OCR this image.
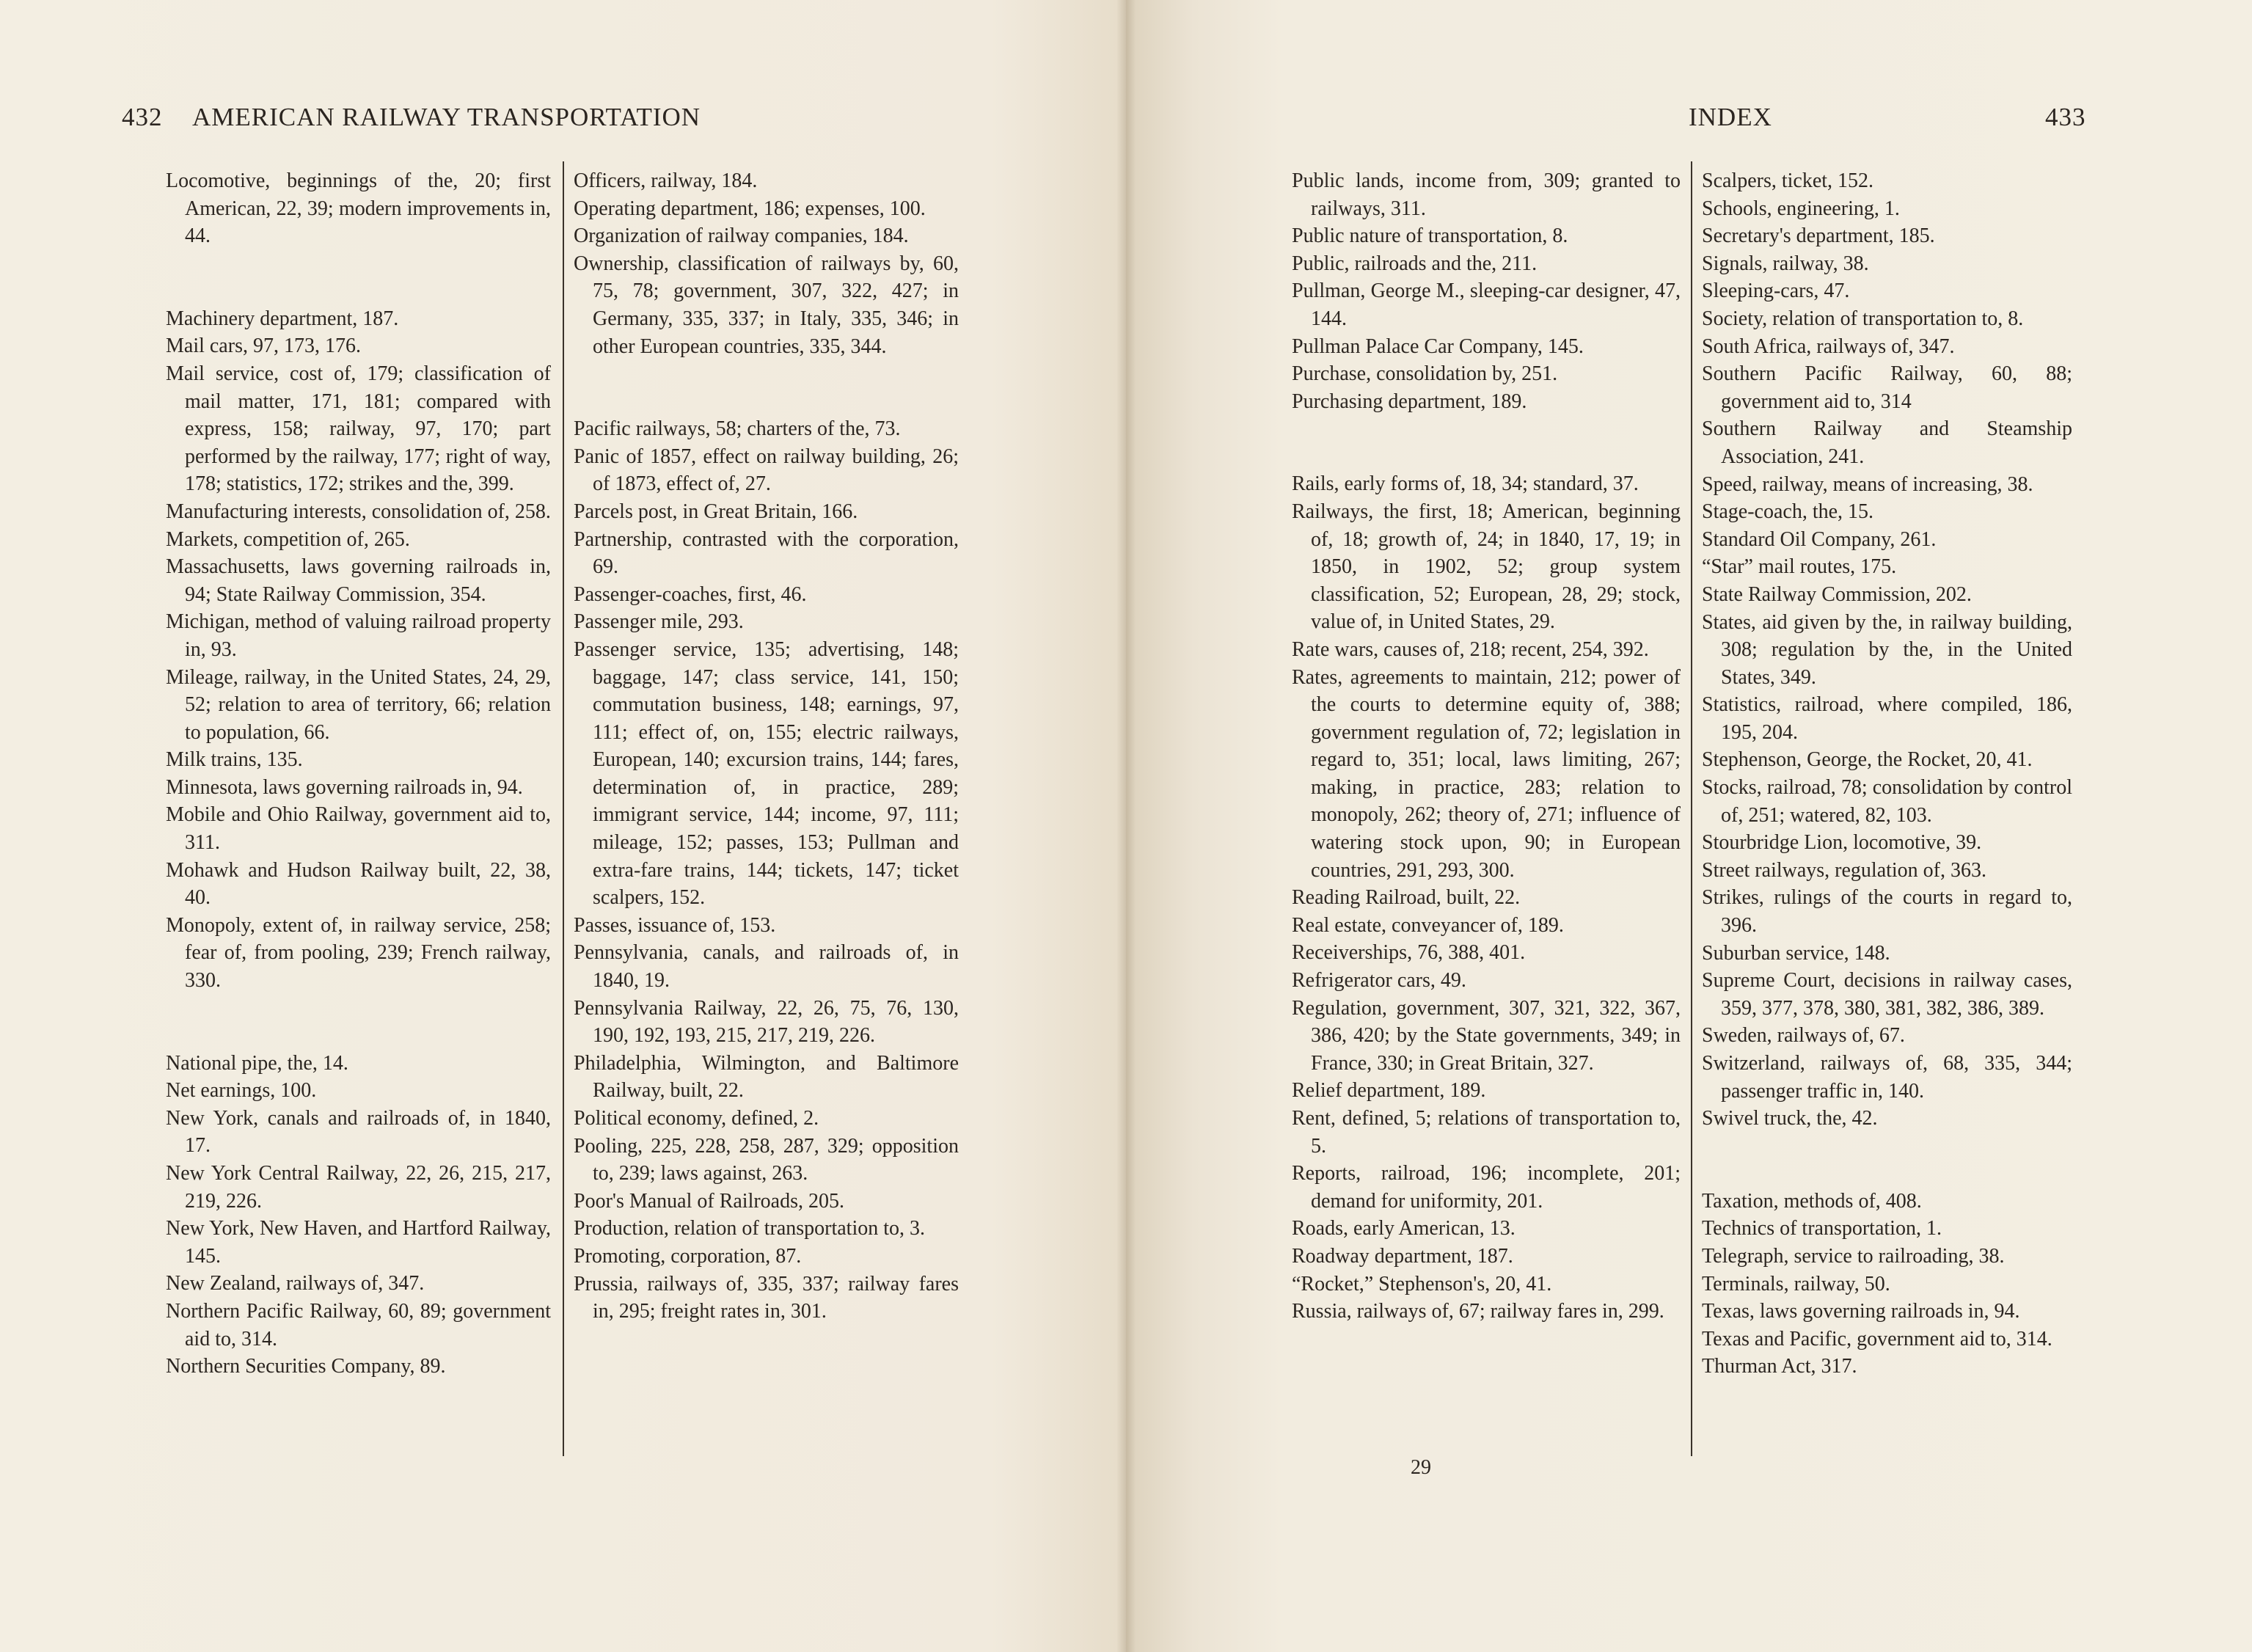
432 AMERICAN RAILWAY TRANSPORTATION

Locomotive, beginnings of the, 20; first American, 22, 39; modern improvements in, 44.

Machinery department, 187.

Mail cars, 97, 173, 176.

Mail service, cost of, 179; classification of mail matter, 171, 181; compared with express, 158; railway, 97, 170; part performed by the railway, 177; right of way, 178; statistics, 172; strikes and the, 399.

Manufacturing interests, consolidation of, 258.

Markets, competition of, 265.

Massachusetts, laws governing railroads in, 94; State Railway Commission, 354.

Michigan, method of valuing railroad property in, 93.

Mileage, railway, in the United States, 24, 29, 52; relation to area of territory, 66; relation to population, 66.

Milk trains, 135.

Minnesota, laws governing railroads in, 94.

Mobile and Ohio Railway, government aid to, 311.

Mohawk and Hudson Railway built, 22, 38, 40.

Monopoly, extent of, in railway service, 258; fear of, from pooling, 239; French railway, 330.

National pipe, the, 14.

Net earnings, 100.

New York, canals and railroads of, in 1840, 17.

New York Central Railway, 22, 26, 215, 217, 219, 226.

New York, New Haven, and Hartford Railway, 145.

New Zealand, railways of, 347.

Northern Pacific Railway, 60, 89; government aid to, 314.

Northern Securities Company, 89.

Officers, railway, 184.

Operating department, 186; expenses, 100.

Organization of railway companies, 184.

Ownership, classification of railways by, 60, 75, 78; government, 307, 322, 427; in Germany, 335, 337; in Italy, 335, 346; in other European countries, 335, 344.

Pacific railways, 58; charters of the, 73.

Panic of 1857, effect on railway building, 26; of 1873, effect of, 27.

Parcels post, in Great Britain, 166.

Partnership, contrasted with the corporation, 69.

Passenger-coaches, first, 46.

Passenger mile, 293.

Passenger service, 135; advertising, 148; baggage, 147; class service, 141, 150; commutation business, 148; earnings, 97, 111; effect of, on, 155; electric railways, European, 140; excursion trains, 144; fares, determination of, in practice, 289; immigrant service, 144; income, 97, 111; mileage, 152; passes, 153; Pullman and extra-fare trains, 144; tickets, 147; ticket scalpers, 152.

Passes, issuance of, 153.

Pennsylvania, canals, and railroads of, in 1840, 19.

Pennsylvania Railway, 22, 26, 75, 76, 130, 190, 192, 193, 215, 217, 219, 226.

Philadelphia, Wilmington, and Baltimore Railway, built, 22.

Political economy, defined, 2.

Pooling, 225, 228, 258, 287, 329; opposition to, 239; laws against, 263.

Poor's Manual of Railroads, 205.

Production, relation of transportation to, 3.

Promoting, corporation, 87.

Prussia, railways of, 335, 337; railway fares in, 295; freight rates in, 301.

INDEX	433

Public lands, income from, 309; granted to railways, 311.

Public nature of transportation, 8.

Public, railroads and the, 211.

Pullman, George M., sleeping-car designer, 47, 144.

Pullman Palace Car Company, 145.

Purchase, consolidation by, 251.

Purchasing department, 189.

Rails, early forms of, 18, 34; standard, 37.

Railways, the first, 18; American, beginning of, 18; growth of, 24; in 1840, 17, 19; in 1850, in 1902, 52; group system classification, 52; European, 28, 29; stock, value of, in United States, 29.

Rate wars, causes of, 218; recent, 254, 392.

Rates, agreements to maintain, 212; power of the courts to determine equity of, 388; government regulation of, 72; legislation in regard to, 351; local, laws limiting, 267; making, in practice, 283; relation to monopoly, 262; theory of, 271; influence of watering stock upon, 90; in European countries, 291, 293, 300.

Reading Railroad, built, 22.

Real estate, conveyancer of, 189.

Receiverships, 76, 388, 401.

Refrigerator cars, 49.

Regulation, government, 307, 321, 322, 367, 386, 420; by the State governments, 349; in France, 330; in Great Britain, 327.

Relief department, 189.

Rent, defined, 5; relations of transportation to, 5.

Reports, railroad, 196; incomplete, 201; demand for uniformity, 201.

Roads, early American, 13.

Roadway department, 187.

“Rocket,” Stephenson's, 20, 41.

Russia, railways of, 67; railway fares in, 299.

Scalpers, ticket, 152.

Schools, engineering, 1.

Secretary's department, 185.

Signals, railway, 38.

Sleeping-cars, 47.

Society, relation of transportation to, 8.

South Africa, railways of, 347.

Southern Pacific Railway, 60, 88; government aid to, 314

Southern Railway and Steamship Association, 241.

Speed, railway, means of increasing, 38.

Stage-coach, the, 15.

Standard Oil Company, 261.

“Star” mail routes, 175.

State Railway Commission, 202.

States, aid given by the, in railway building, 308; regulation by the, in the United States, 349.

Statistics, railroad, where compiled, 186, 195, 204.

Stephenson, George, the Rocket, 20, 41.

Stocks, railroad, 78; consolidation by control of, 251; watered, 82, 103.

Stourbridge Lion, locomotive, 39.

Street railways, regulation of, 363.

Strikes, rulings of the courts in regard to, 396.

Suburban service, 148.

Supreme Court, decisions in railway cases, 359, 377, 378, 380, 381, 382, 386, 389.

Sweden, railways of, 67.

Switzerland, railways of, 68, 335, 344; passenger traffic in, 140.

Swivel truck, the, 42.

Taxation, methods of, 408.

Technics of transportation, 1.

Telegraph, service to railroading, 38.

Terminals, railway, 50.

Texas, laws governing railroads in, 94.

Texas and Pacific, government aid to, 314.

Thurman Act, 317.

29
